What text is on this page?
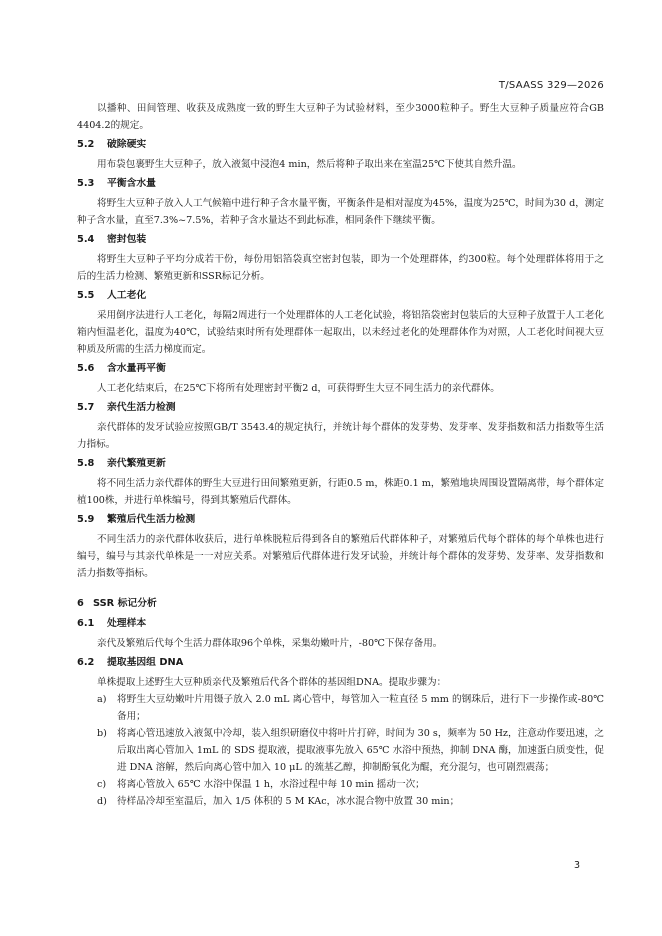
T/SAASS 329—2026

以播种、田间管理、收获及成熟度一致的野生大豆种子为试验材料，至少3000粒种子。野生大豆种子质量应符合GB 4404.2的规定。

5.2 破除硬实

用布袋包裹野生大豆种子，放入液氮中浸泡4 min，然后将种子取出来在室温25℃下使其自然升温。

5.3 平衡含水量

将野生大豆种子放入人工气候箱中进行种子含水量平衡，平衡条件是相对湿度为45%，温度为25℃，时间为30 d，测定种子含水量，直至7.3%~7.5%，若种子含水量达不到此标准，相同条件下继续平衡。

5.4 密封包装

将野生大豆种子平均分成若干份，每份用铝箔袋真空密封包装，即为一个处理群体，约300粒。每个处理群体将用于之后的生活力检测、繁殖更新和SSR标记分析。

5.5 人工老化

采用倒序法进行人工老化，每隔2周进行一个处理群体的人工老化试验，将铝箔袋密封包装后的大豆种子放置于人工老化箱内恒温老化，温度为40℃，试验结束时所有处理群体一起取出，以未经过老化的处理群体作为对照，人工老化时间视大豆种质及所需的生活力梯度而定。

5.6 含水量再平衡

人工老化结束后，在25℃下将所有处理密封平衡2 d，可获得野生大豆不同生活力的亲代群体。

5.7 亲代生活力检测

亲代群体的发牙试验应按照GB/T 3543.4的规定执行，并统计每个群体的发芽势、发芽率、发芽指数和活力指数等生活力指标。

5.8 亲代繁殖更新

将不同生活力亲代群体的野生大豆进行田间繁殖更新，行距0.5 m，株距0.1 m，繁殖地块周围设置隔离带，每个群体定植100株，并进行单株编号，得到其繁殖后代群体。

5.9 繁殖后代生活力检测

不同生活力的亲代群体收获后，进行单株脱粒后得到各自的繁殖后代群体种子，对繁殖后代每个群体的每个单株也进行编号，编号与其亲代单株是一一对应关系。对繁殖后代群体进行发牙试验，并统计每个群体的发芽势、发芽率、发芽指数和活力指数等指标。

6 SSR 标记分析
6.1 处理样本

亲代及繁殖后代每个生活力群体取96个单株，采集幼嫩叶片，-80℃下保存备用。

6.2 提取基因组 DNA

单株提取上述野生大豆种质亲代及繁殖后代各个群体的基因组DNA。提取步骤为：

a) 将野生大豆幼嫩叶片用镊子放入 2.0 mL 离心管中，每管加入一粒直径 5 mm 的钢珠后，进行下一步操作或-80℃备用；
b) 将离心管迅速放入液氮中冷却，装入组织研磨仪中将叶片打碎，时间为 30 s，频率为 50 Hz，注意动作要迅速，之后取出离心管加入 1mL 的 SDS 提取液，提取液事先放入 65℃ 水浴中预热，抑制 DNA 酶，加速蛋白质变性，促进 DNA 溶解，然后向离心管中加入 10 μL 的巯基乙醇，抑制酚氧化为醌，充分混匀，也可剧烈震荡；
c) 将离心管放入 65℃ 水浴中保温 1 h，水浴过程中每 10 min 摇动一次；
d) 待样品冷却至室温后，加入 1/5 体积的 5 M KAc，冰水混合物中放置 30 min；
3
